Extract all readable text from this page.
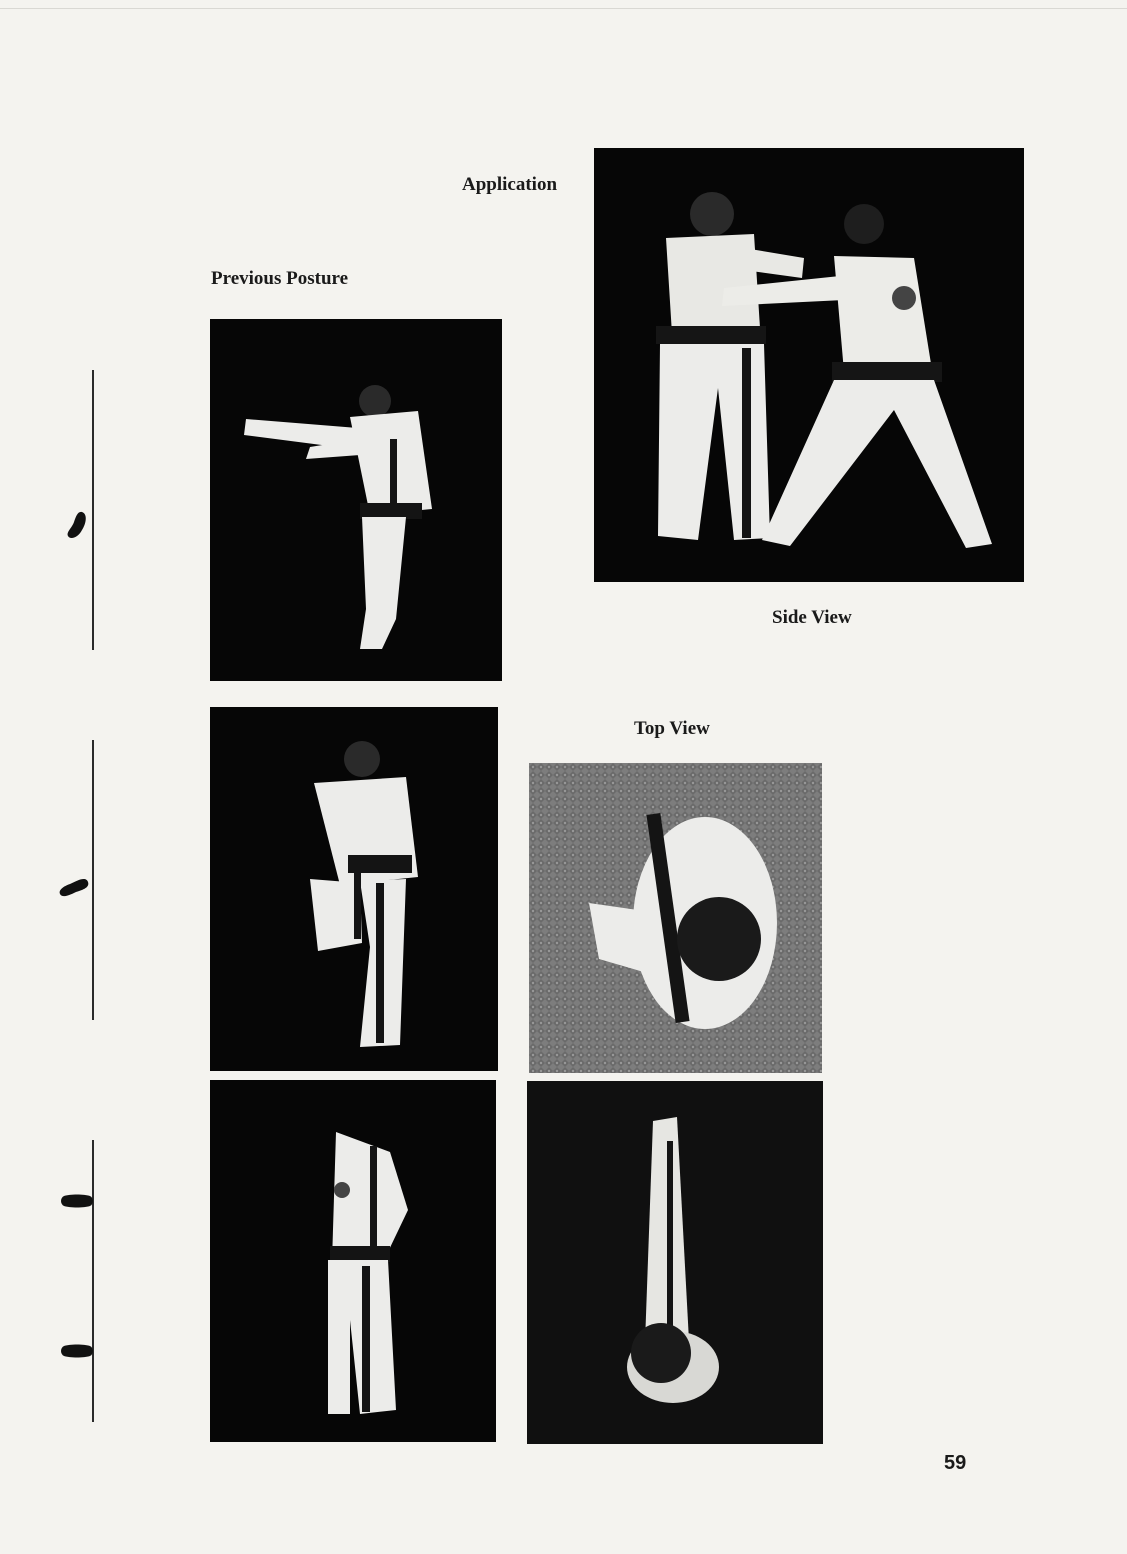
Application
Previous Posture
Side View
Top View
59
